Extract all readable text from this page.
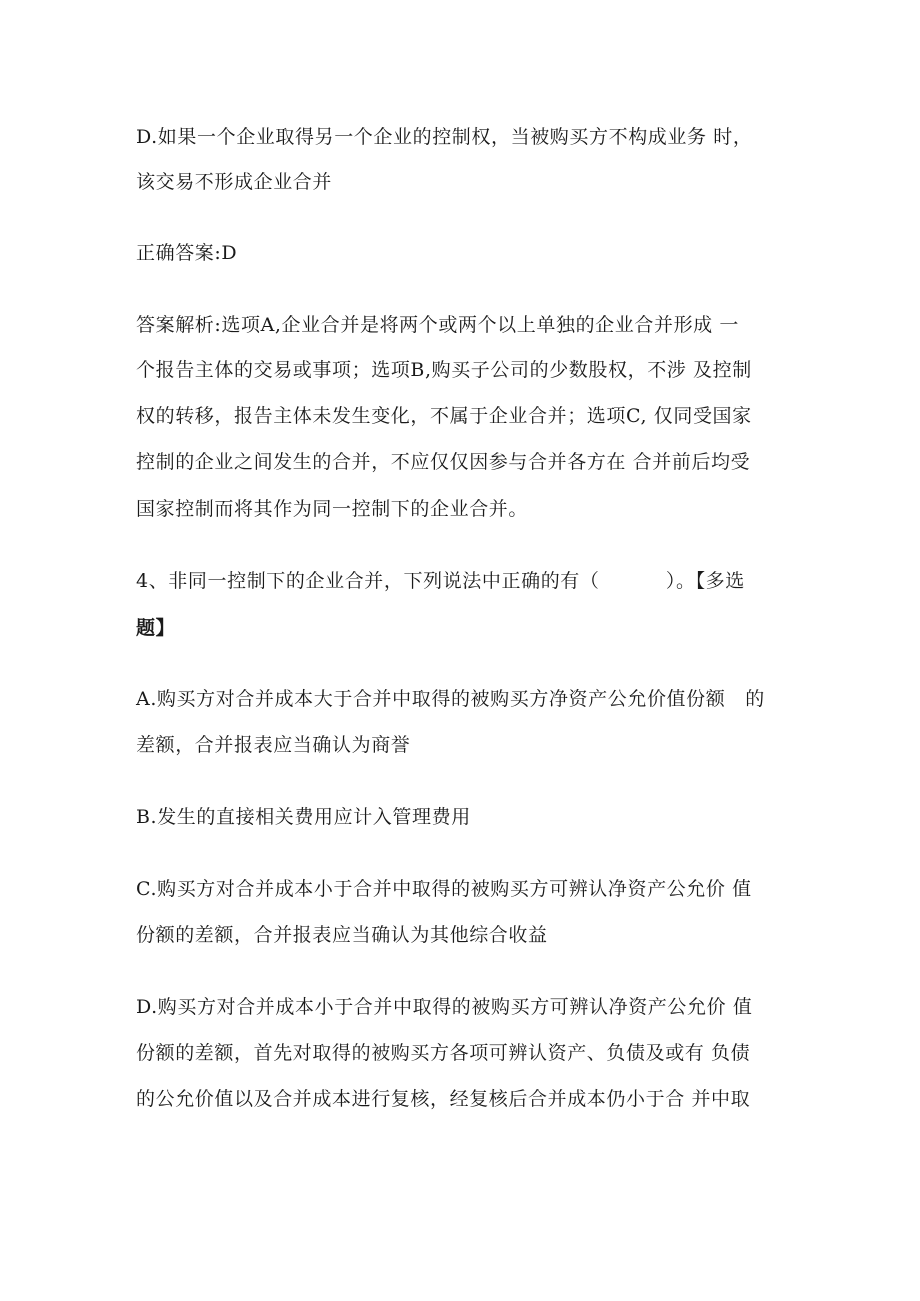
D.如果一个企业取得另一个企业的控制权，当被购买方不构成业务 时，
该交易不形成企业合并
正确答案:D
答案解析:选项A,企业合并是将两个或两个以上单独的企业合并形成 一
个报告主体的交易或事项；选项B,购买子公司的少数股权，不涉 及控制
权的转移，报告主体未发生变化，不属于企业合并；选项C, 仅同受国家
控制的企业之间发生的合并，不应仅仅因参与合并各方在 合并前后均受
国家控制而将其作为同一控制下的企业合并。
4、非同一控制下的企业合并，下列说法中正确的有（          ）。【多选
题】
A.购买方对合并成本大于合并中取得的被购买方净资产公允价值份额   的
差额，合并报表应当确认为商誉
B.发生的直接相关费用应计入管理费用
C.购买方对合并成本小于合并中取得的被购买方可辨认净资产公允价 值
份额的差额，合并报表应当确认为其他综合收益
D.购买方对合并成本小于合并中取得的被购买方可辨认净资产公允价 值
份额的差额，首先对取得的被购买方各项可辨认资产、负债及或有 负债
的公允价值以及合并成本进行复核，经复核后合并成本仍小于合 并中取
